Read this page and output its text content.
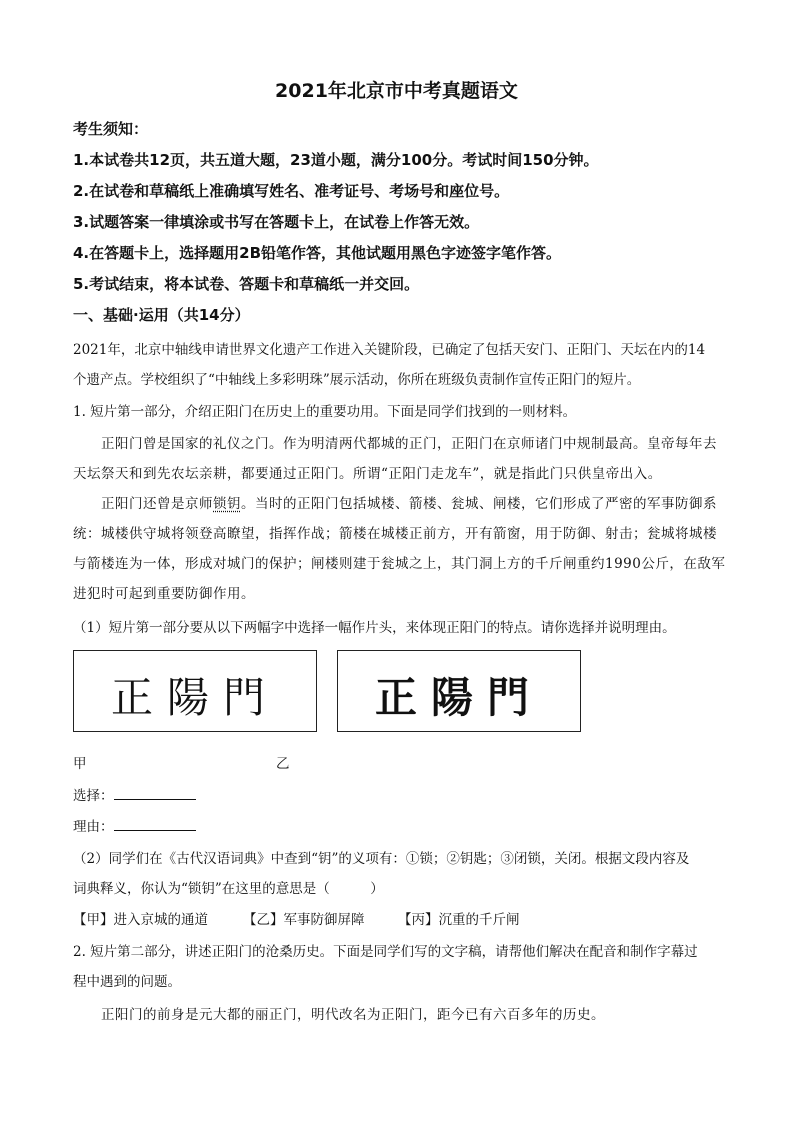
2021年北京市中考真题语文
考生须知：
1.本试卷共12页，共五道大题，23道小题，满分100分。考试时间150分钟。
2.在试卷和草稿纸上准确填写姓名、准考证号、考场号和座位号。
3.试题答案一律填涂或书写在答题卡上，在试卷上作答无效。
4.在答题卡上，选择题用2B铅笔作答，其他试题用黑色字迹签字笔作答。
5.考试结束，将本试卷、答题卡和草稿纸一并交回。
一、基础·运用（共14分）
2021年，北京中轴线申请世界文化遗产工作进入关键阶段，已确定了包括天安门、正阳门、天坛在内的14
个遗产点。学校组织了“中轴线上多彩明珠”展示活动，你所在班级负责制作宣传正阳门的短片。
1. 短片第一部分，介绍正阳门在历史上的重要功用。下面是同学们找到的一则材料。
正阳门曾是国家的礼仪之门。作为明清两代都城的正门，正阳门在京师诸门中规制最高。皇帝每年去
天坛祭天和到先农坛亲耕，都要通过正阳门。所谓“正阳门走龙车”，就是指此门只供皇帝出入。
正阳门还曾是京师锁钥。当时的正阳门包括城楼、箭楼、瓮城、闸楼，它们形成了严密的军事防御系
统：城楼供守城将领登高瞭望，指挥作战；箭楼在城楼正前方，开有箭窗，用于防御、射击；瓮城将城楼
与箭楼连为一体，形成对城门的保护；闸楼则建于瓮城之上，其门洞上方的千斤闸重约1990公斤，在敌军
进犯时可起到重要防御作用。
（1）短片第一部分要从以下两幅字中选择一幅作片头，来体现正阳门的特点。请你选择并说明理由。
正陽門	正陽門
甲	乙
选择：
理由：
（2）同学们在《古代汉语词典》中查到“钥”的义项有：①锁；②钥匙；③闭锁，关闭。根据文段内容及
词典释义，你认为“锁钥”在这里的意思是（　　　）
【甲】进入京城的通道	【乙】军事防御屏障	【丙】沉重的千斤闸
2. 短片第二部分，讲述正阳门的沧桑历史。下面是同学们写的文字稿，请帮他们解决在配音和制作字幕过
程中遇到的问题。
正阳门的前身是元大都的丽正门，明代改名为正阳门，距今已有六百多年的历史。
